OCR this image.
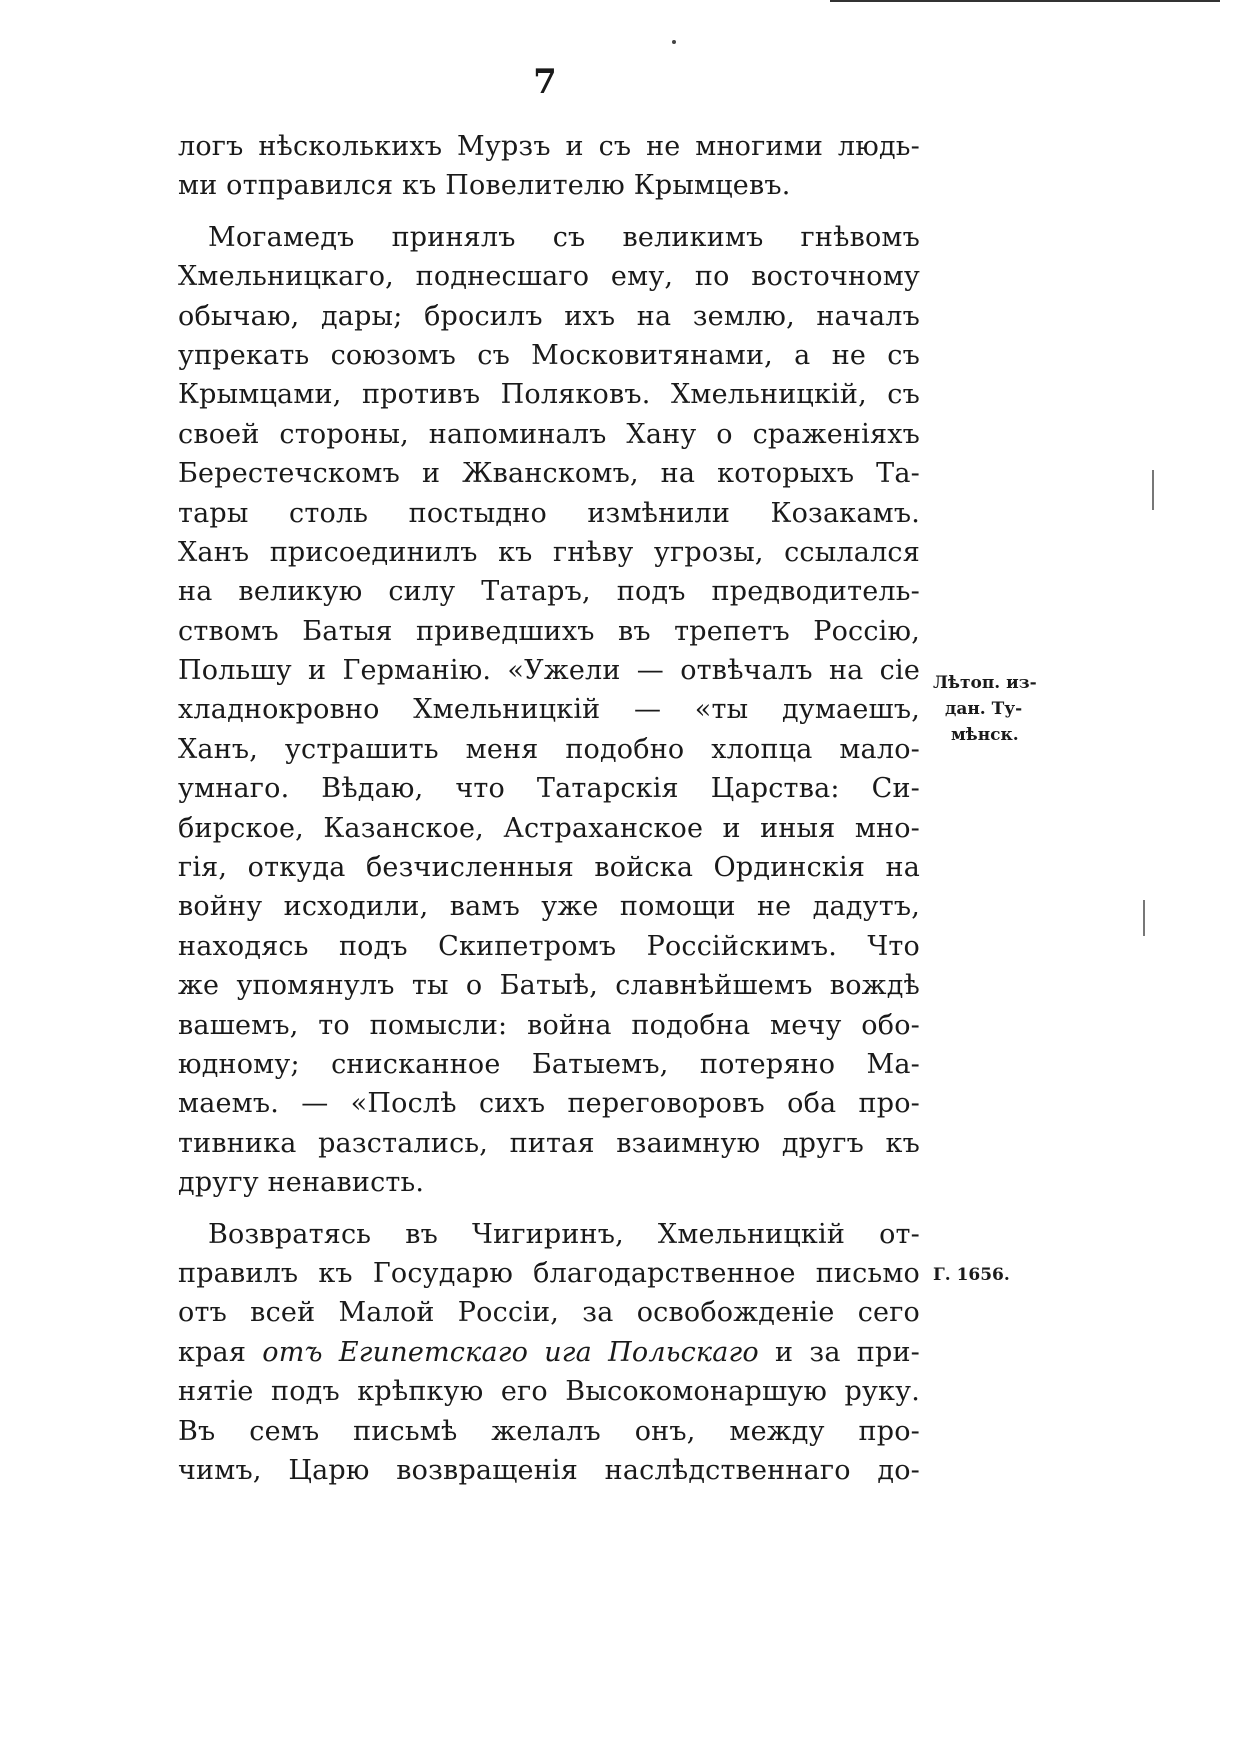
7
логъ нѣсколькихъ Мурзъ и съ не многими людь-
ми отправился къ Повелителю Крымцевъ.
Могамедъ принялъ съ великимъ гнѣвомъ
Хмельницкаго, поднесшаго ему, по восточному
обычаю, дары; бросилъ ихъ на землю, началъ
упрекать союзомъ съ Московитянами, а не съ
Крымцами, противъ Поляковъ. Хмельницкій, съ
своей стороны, напоминалъ Хану о сраженіяхъ
Берестечскомъ и Жванскомъ, на которыхъ Та-
тары столь постыдно измѣнили Козакамъ.
Ханъ присоединилъ къ гнѣву угрозы, ссылался
на великую силу Татаръ, подъ предводитель-
ствомъ Батыя приведшихъ въ трепетъ Россію,
Польшу и Германію. «Ужели — отвѣчалъ на сіе
хладнокровно Хмельницкій — «ты думаешъ,
Ханъ, устрашить меня подобно хлопца мало-
умнаго. Вѣдаю, что Татарскія Царства: Си-
бирское, Казанское, Астраханское и иныя мно-
гія, откуда безчисленныя войска Ординскія на
войну исходили, вамъ уже помощи не дадутъ,
находясь подъ Скипетромъ Россійскимъ. Что
же упомянулъ ты о Батыѣ, славнѣйшемъ вождѣ
вашемъ, то помысли: война подобна мечу обо-
юдному; снисканное Батыемъ, потеряно Ма-
маемъ. — «Послѣ сихъ переговоровъ оба про-
тивника разстались, питая взаимную другъ къ
другу ненависть.
Возвратясь въ Чигиринъ, Хмельницкій от-
правилъ къ Государю благодарственное письмо
отъ всей Малой Россіи, за освобожденіе сего
края отъ Египетскаго ига Польскаго и за при-
нятіе подъ крѣпкую его Высокомонаршую руку.
Въ семъ письмѣ желалъ онъ, между про-
чимъ, Царю возвращенія наслѣдственнаго до-
Лѣтоп. из-
дан. Ту-
мѣнск.
Г. 1656.
